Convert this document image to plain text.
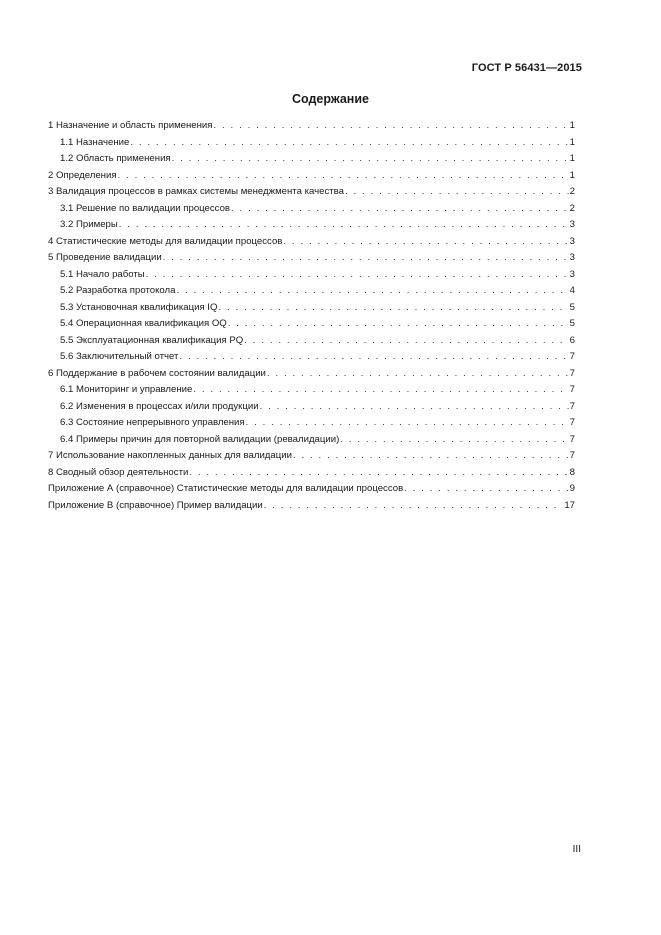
ГОСТ Р 56431—2015
Содержание
1 Назначение и область применения . . .	1
1.1 Назначение . . .	1
1.2 Область применения . . .	1
2 Определения . . .	1
3 Валидация процессов в рамках системы менеджмента качества . . .	2
3.1 Решение по валидации процессов . . .	2
3.2 Примеры . . .	3
4 Статистические методы для валидации процессов . . .	3
5 Проведение валидации . . .	3
5.1 Начало работы . . .	3
5.2 Разработка протокола . . .	4
5.3 Установочная квалификация IQ . . .	5
5.4 Операционная квалификация OQ . . .	5
5.5 Эксплуатационная квалификация PQ . . .	6
5.6 Заключительный отчет . . .	7
6 Поддержание в рабочем состоянии валидации . . .	7
6.1 Мониторинг и управление . . .	7
6.2 Изменения в процессах и/или продукции . . .	7
6.3 Состояние непрерывного управления . . .	7
6.4 Примеры причин для повторной валидации (ревалидации) . . .	7
7 Использование накопленных данных для валидации . . .	7
8 Сводный обзор деятельности . . .	8
Приложение А (справочное) Статистические методы для валидации процессов . . .	9
Приложение В (справочное) Пример валидации . . .	17
III
